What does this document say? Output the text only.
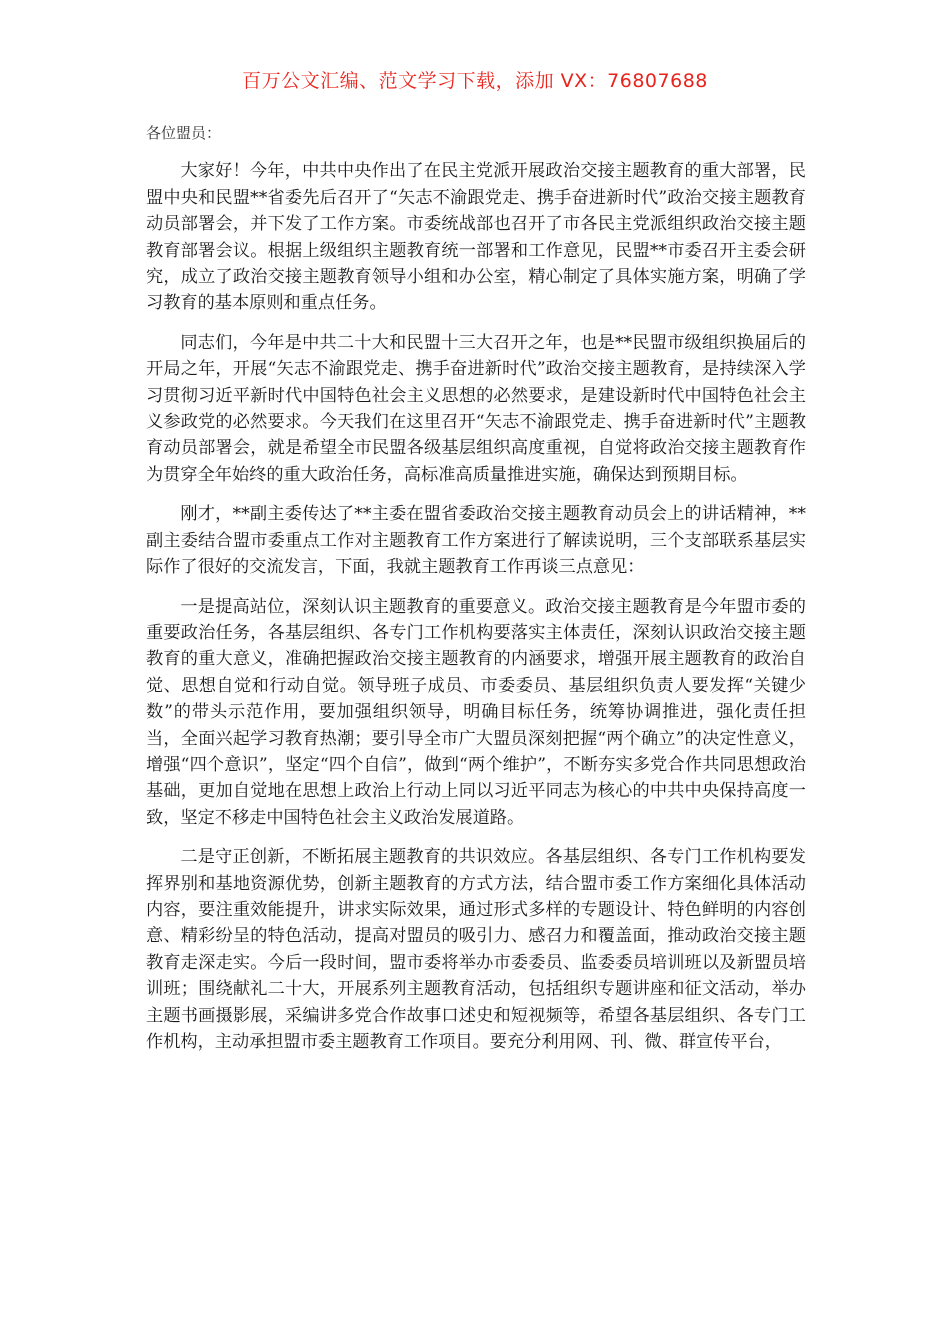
百万公文汇编、范文学习下载，添加 VX：76807688
各位盟员：

大家好！今年，中共中央作出了在民主党派开展政治交接主题教育的重大部署，民盟中央和民盟**省委先后召开了“矢志不渝跟党走、携手奋进新时代”政治交接主题教育动员部署会，并下发了工作方案。市委统战部也召开了市各民主党派组织政治交接主题教育部署会议。根据上级组织主题教育统一部署和工作意见，民盟**市委召开主委会研究，成立了政治交接主题教育领导小组和办公室，精心制定了具体实施方案，明确了学习教育的基本原则和重点任务。

同志们，今年是中共二十大和民盟十三大召开之年，也是**民盟市级组织换届后的开局之年，开展“矢志不渝跟党走、携手奋进新时代”政治交接主题教育，是持续深入学习贯彻习近平新时代中国特色社会主义思想的必然要求，是建设新时代中国特色社会主义参政党的必然要求。今天我们在这里召开“矢志不渝跟党走、携手奋进新时代”主题教育动员部署会，就是希望全市民盟各级基层组织高度重视，自觉将政治交接主题教育作为贯穿全年始终的重大政治任务，高标准高质量推进实施，确保达到预期目标。

刚才，**副主委传达了**主委在盟省委政治交接主题教育动员会上的讲话精神，**副主委结合盟市委重点工作对主题教育工作方案进行了解读说明，三个支部联系基层实际作了很好的交流发言，下面，我就主题教育工作再谈三点意见：

一是提高站位，深刻认识主题教育的重要意义。政治交接主题教育是今年盟市委的重要政治任务，各基层组织、各专门工作机构要落实主体责任，深刻认识政治交接主题教育的重大意义，准确把握政治交接主题教育的内涵要求，增强开展主题教育的政治自觉、思想自觉和行动自觉。领导班子成员、市委委员、基层组织负责人要发挥“关键少数”的带头示范作用，要加强组织领导，明确目标任务，统筹协调推进，强化责任担当，全面兴起学习教育热潮；要引导全市广大盟员深刻把握“两个确立”的决定性意义，增强“四个意识”，坚定“四个自信”，做到“两个维护”，不断夯实多党合作共同思想政治基础，更加自觉地在思想上政治上行动上同以习近平同志为核心的中共中央保持高度一致，坚定不移走中国特色社会主义政治发展道路。

二是守正创新，不断拓展主题教育的共识效应。各基层组织、各专门工作机构要发挥界别和基地资源优势，创新主题教育的方式方法，结合盟市委工作方案细化具体活动内容，要注重效能提升，讲求实际效果，通过形式多样的专题设计、特色鲜明的内容创意、精彩纷呈的特色活动，提高对盟员的吸引力、感召力和覆盖面，推动政治交接主题教育走深走实。今后一段时间，盟市委将举办市委委员、监委委员培训班以及新盟员培训班；围绕献礼二十大，开展系列主题教育活动，包括组织专题讲座和征文活动，举办主题书画摄影展，采编讲多党合作故事口述史和短视频等，希望各基层组织、各专门工作机构，主动承担盟市委主题教育工作项目。要充分利用网、刊、微、群宣传平台，
